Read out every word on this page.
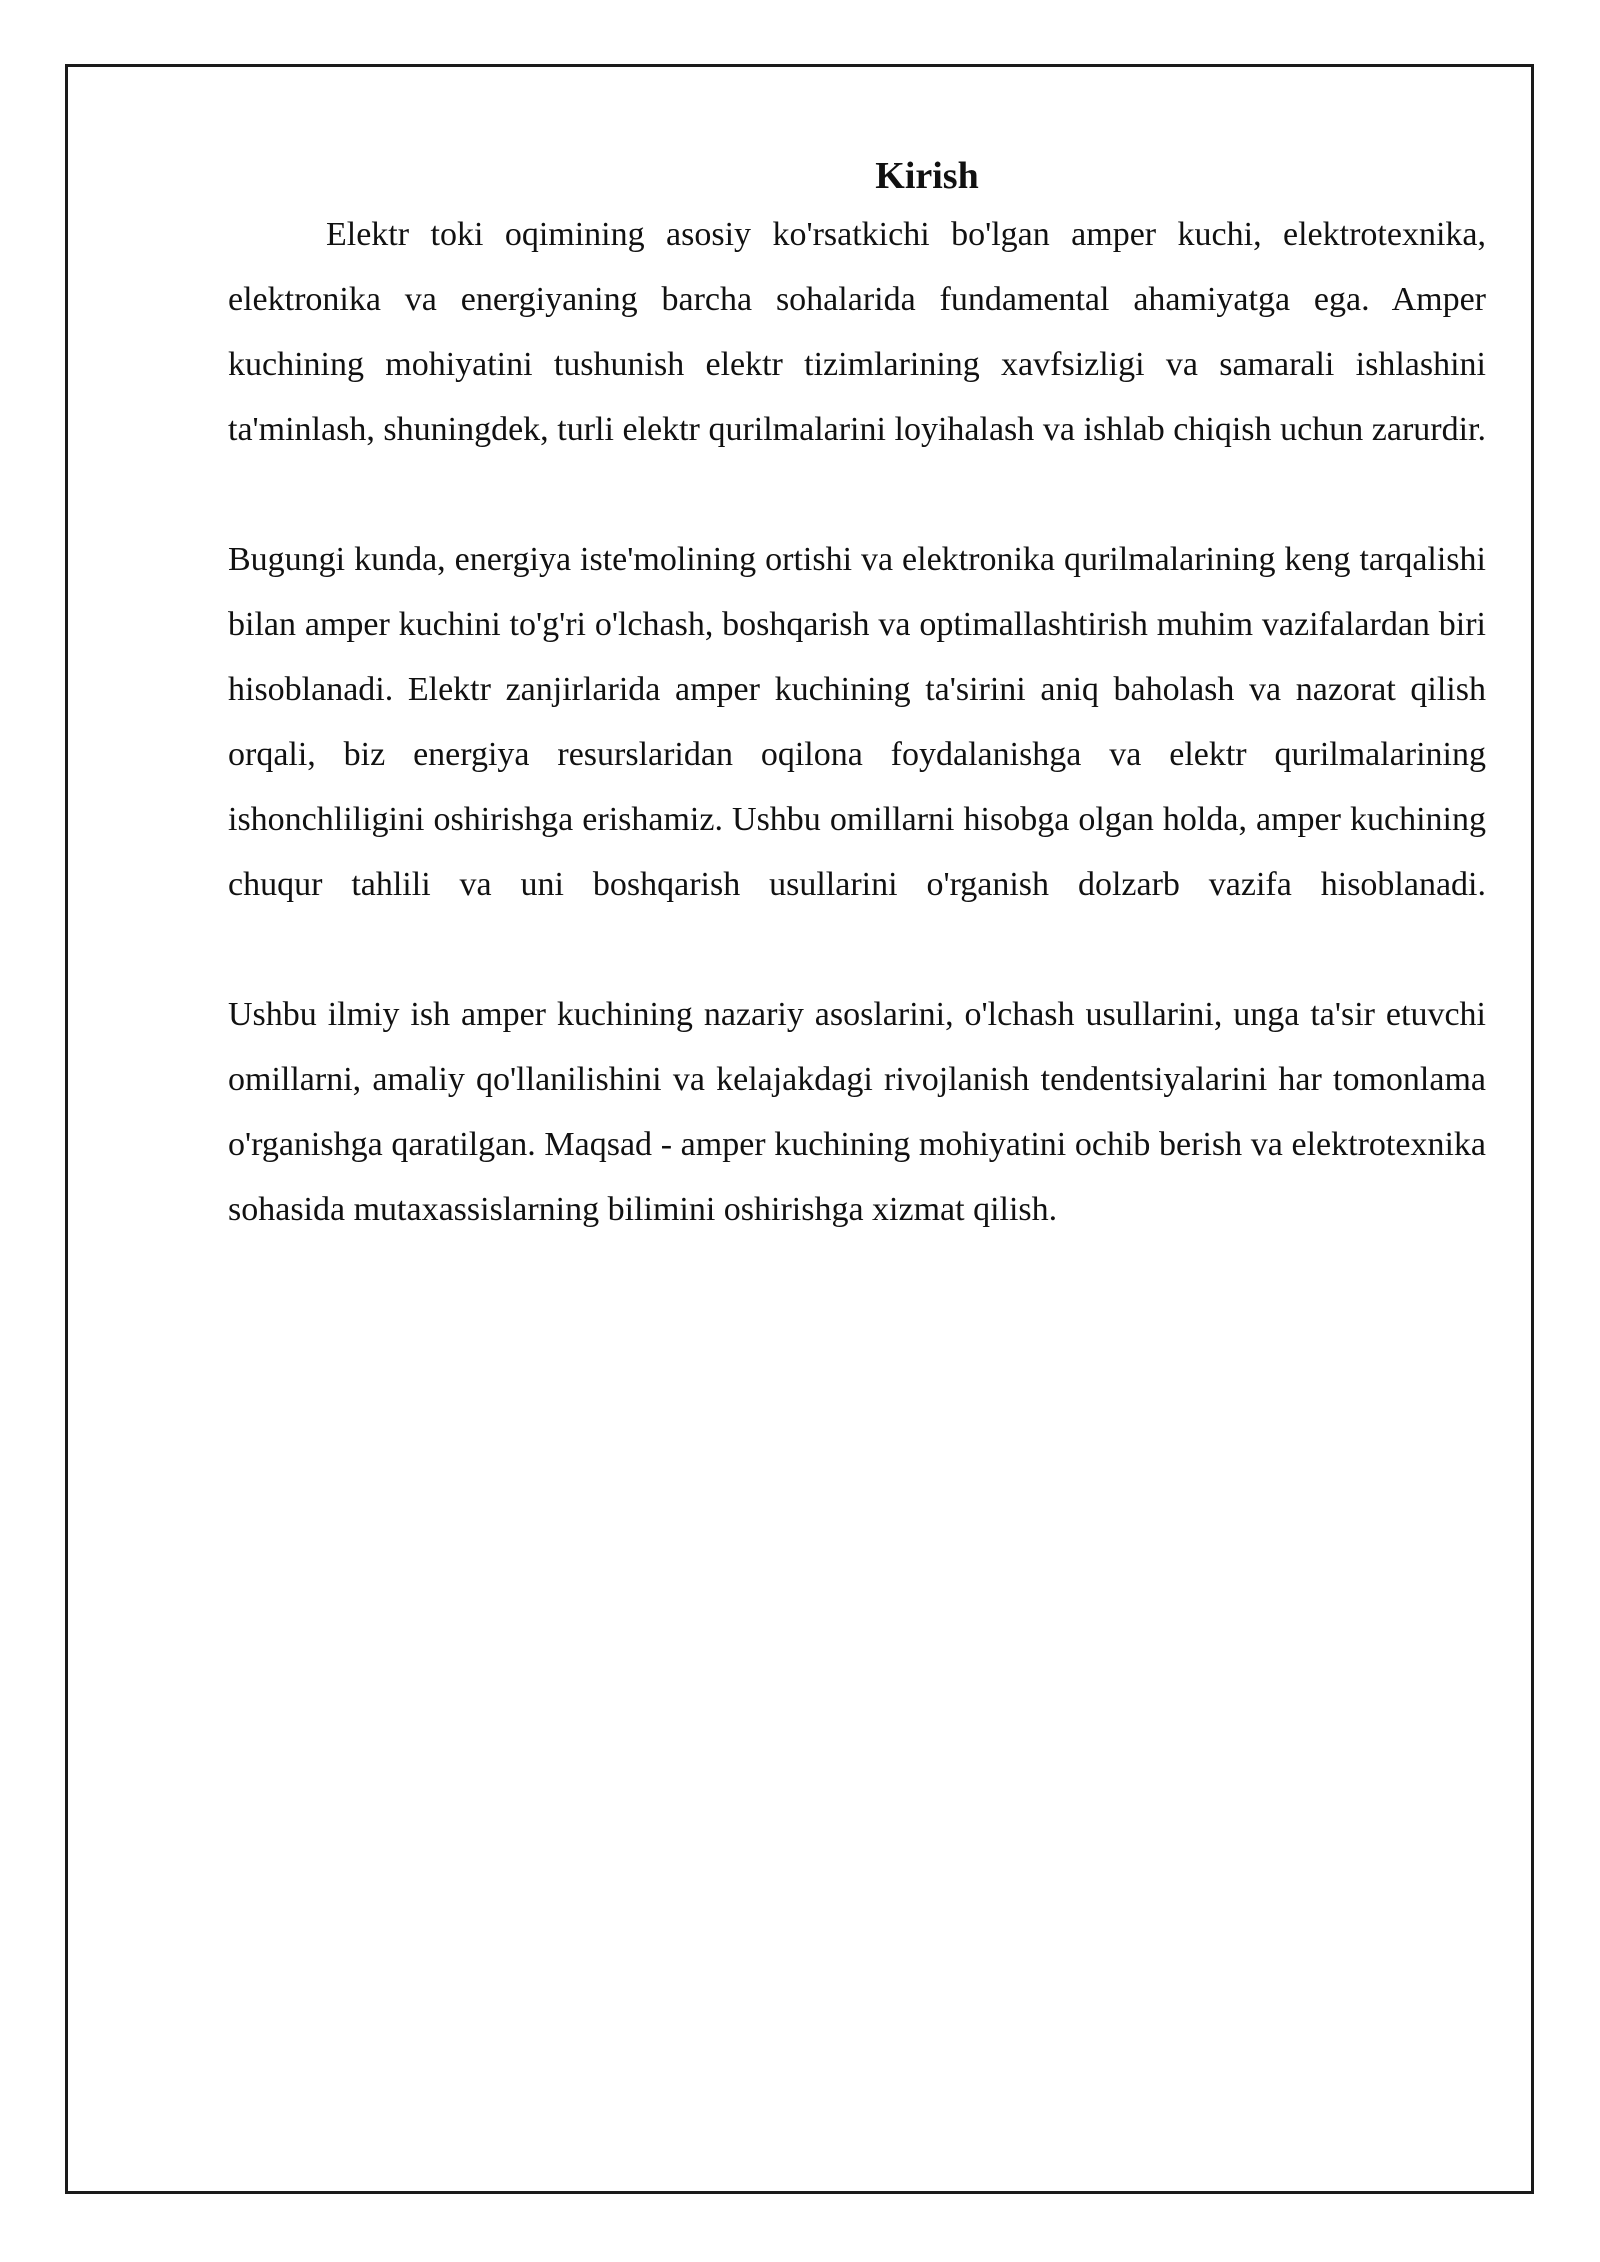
Kirish

Elektr toki oqimining asosiy ko'rsatkichi bo'lgan amper kuchi, elektrotexnika, elektronika va energiyaning barcha sohalarida fundamental ahamiyatga ega. Amper kuchining mohiyatini tushunish elektr tizimlarining xavfsizligi va samarali ishlashini ta'minlash, shuningdek, turli elektr qurilmalarini loyihalash va ishlab chiqish uchun zarurdir.

Bugungi kunda, energiya iste'molining ortishi va elektronika qurilmalarining keng tarqalishi bilan amper kuchini to'g'ri o'lchash, boshqarish va optimallashtirish muhim vazifalardan biri hisoblanadi. Elektr zanjirlarida amper kuchining ta'sirini aniq baholash va nazorat qilish orqali, biz energiya resurslaridan oqilona foydalanishga va elektr qurilmalarining ishonchliligini oshirishga erishamiz. Ushbu omillarni hisobga olgan holda, amper kuchining chuqur tahlili va uni boshqarish usullarini o'rganish dolzarb vazifa hisoblanadi.

Ushbu ilmiy ish amper kuchining nazariy asoslarini, o'lchash usullarini, unga ta'sir etuvchi omillarni, amaliy qo'llanilishini va kelajakdagi rivojlanish tendentsiyalarini har tomonlama o'rganishga qaratilgan. Maqsad - amper kuchining mohiyatini ochib berish va elektrotexnika sohasida mutaxassislarning bilimini oshirishga xizmat qilish.
